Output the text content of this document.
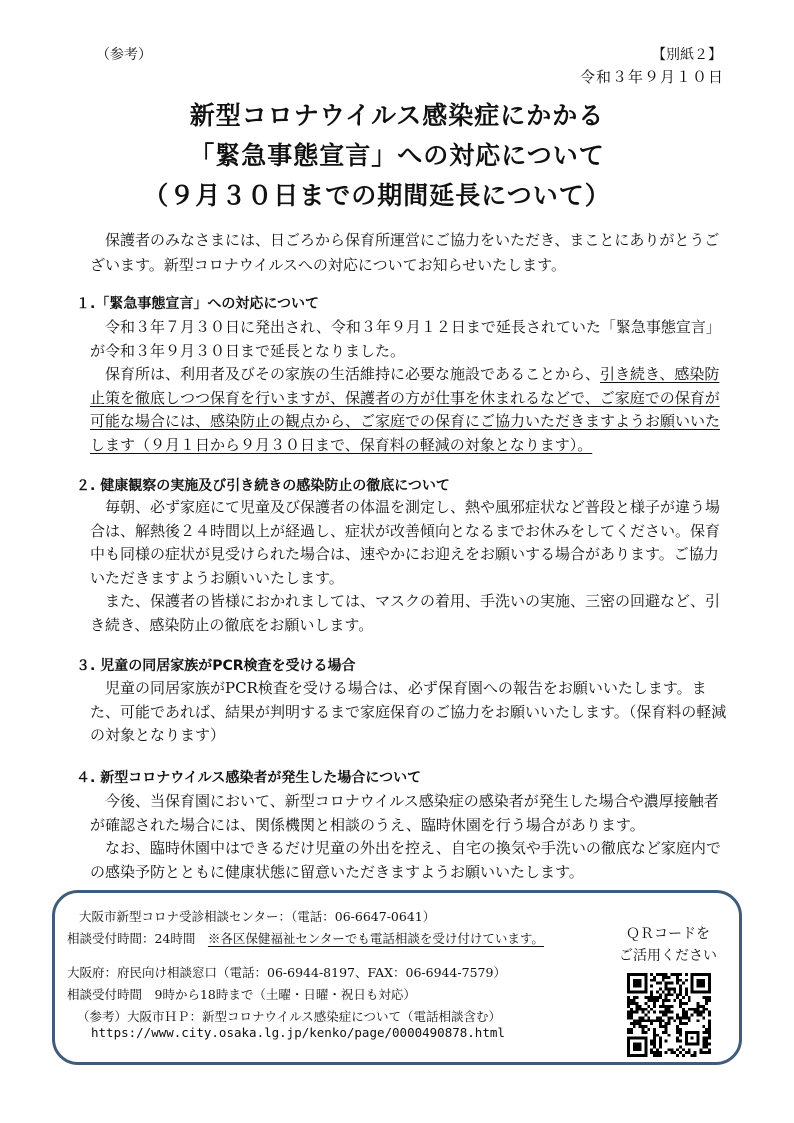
（参考）	【別紙２】
令和３年９月１０日
新型コロナウイルス感染症にかかる
「緊急事態宣言」への対応について
（９月３０日までの期間延長について）
保護者のみなさまには、日ごろから保育所運営にご協力をいただき、まことにありがとうございます。新型コロナウイルスへの対応についてお知らせいたします。
１.「緊急事態宣言」への対応について

令和３年７月３０日に発出され、令和３年９月１２日まで延長されていた「緊急事態宣言」が令和３年９月３０日まで延長となりました。

保育所は、利用者及びその家族の生活維持に必要な施設であることから、引き続き、感染防止策を徹底しつつ保育を行いますが、保護者の方が仕事を休まれるなどで、ご家庭での保育が可能な場合には、感染防止の観点から、ご家庭での保育にご協力いただきますようお願いいたします（９月１日から９月３０日まで、保育料の軽減の対象となります）。

２. 健康観察の実施及び引き続きの感染防止の徹底について

毎朝、必ず家庭にて児童及び保護者の体温を測定し、熱や風邪症状など普段と様子が違う場合は、解熱後２４時間以上が経過し、症状が改善傾向となるまでお休みをしてください。保育中も同様の症状が見受けられた場合は、速やかにお迎えをお願いする場合があります。ご協力いただきますようお願いいたします。

また、保護者の皆様におかれましては、マスクの着用、手洗いの実施、三密の回避など、引き続き、感染防止の徹底をお願いします。

３. 児童の同居家族がPCR検査を受ける場合

児童の同居家族がPCR検査を受ける場合は、必ず保育園への報告をお願いいたします。また、可能であれば、結果が判明するまで家庭保育のご協力をお願いいたします。（保育料の軽減の対象となります）

４. 新型コロナウイルス感染者が発生した場合について

今後、当保育園において、新型コロナウイルス感染症の感染者が発生した場合や濃厚接触者が確認された場合には、関係機関と相談のうえ、臨時休園を行う場合があります。

なお、臨時休園中はできるだけ児童の外出を控え、自宅の換気や手洗いの徹底など家庭内での感染予防とともに健康状態に留意いただきますようお願いいたします。

大阪市新型コロナ受診相談センター：（電話：06-6647-0641）
相談受付時間：24時間　 ※各区保健福祉センターでも電話相談を受け付けています。
大阪府：府民向け相談窓口（電話：06-6944-8197、FAX：06-6944-7579）
相談受付時間　9時から18時まで（土曜・日曜・祝日も対応）
（参考）大阪市ＨＰ：新型コロナウイルス感染症について（電話相談含む）
https://www.city.osaka.lg.jp/kenko/page/0000490878.html
ＱＲコードを
ご活用ください
